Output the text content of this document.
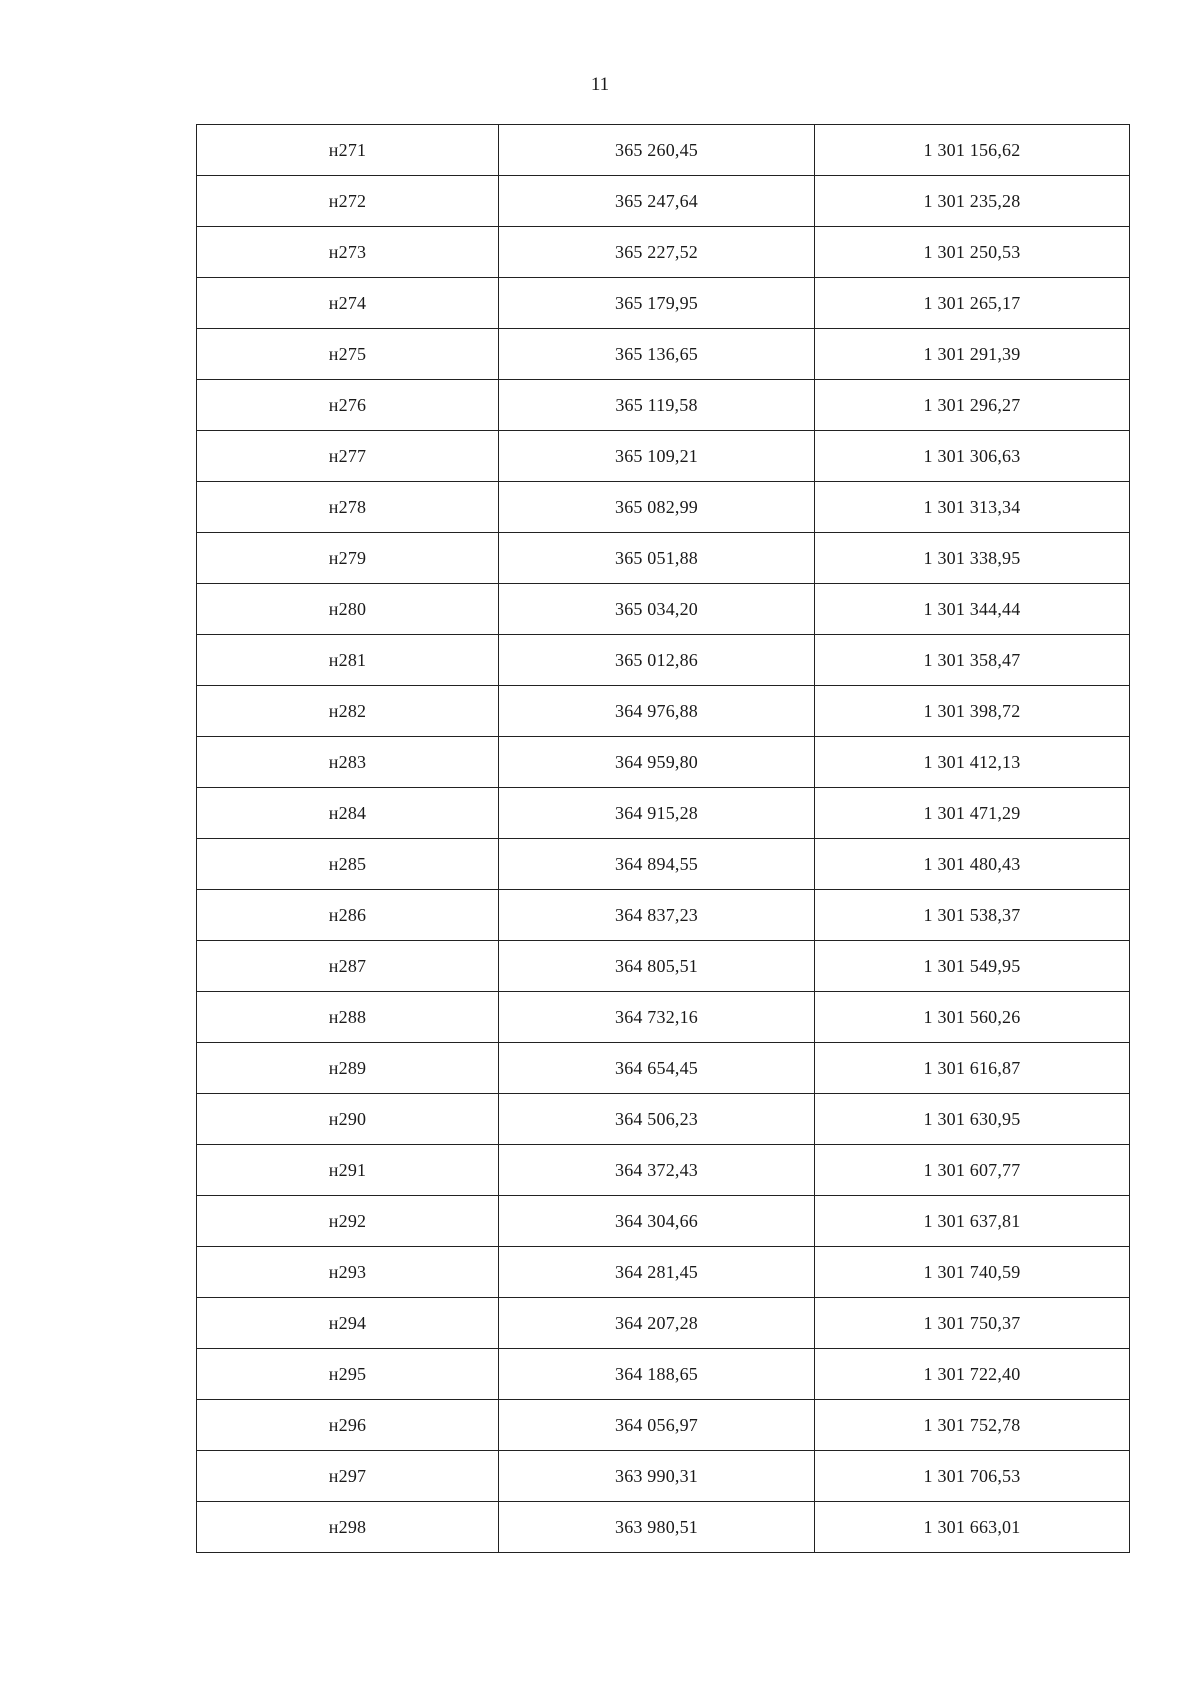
11
н271	365 260,45	1 301 156,62
н272	365 247,64	1 301 235,28
н273	365 227,52	1 301 250,53
н274	365 179,95	1 301 265,17
н275	365 136,65	1 301 291,39
н276	365 119,58	1 301 296,27
н277	365 109,21	1 301 306,63
н278	365 082,99	1 301 313,34
н279	365 051,88	1 301 338,95
н280	365 034,20	1 301 344,44
н281	365 012,86	1 301 358,47
н282	364 976,88	1 301 398,72
н283	364 959,80	1 301 412,13
н284	364 915,28	1 301 471,29
н285	364 894,55	1 301 480,43
н286	364 837,23	1 301 538,37
н287	364 805,51	1 301 549,95
н288	364 732,16	1 301 560,26
н289	364 654,45	1 301 616,87
н290	364 506,23	1 301 630,95
н291	364 372,43	1 301 607,77
н292	364 304,66	1 301 637,81
н293	364 281,45	1 301 740,59
н294	364 207,28	1 301 750,37
н295	364 188,65	1 301 722,40
н296	364 056,97	1 301 752,78
н297	363 990,31	1 301 706,53
н298	363 980,51	1 301 663,01
